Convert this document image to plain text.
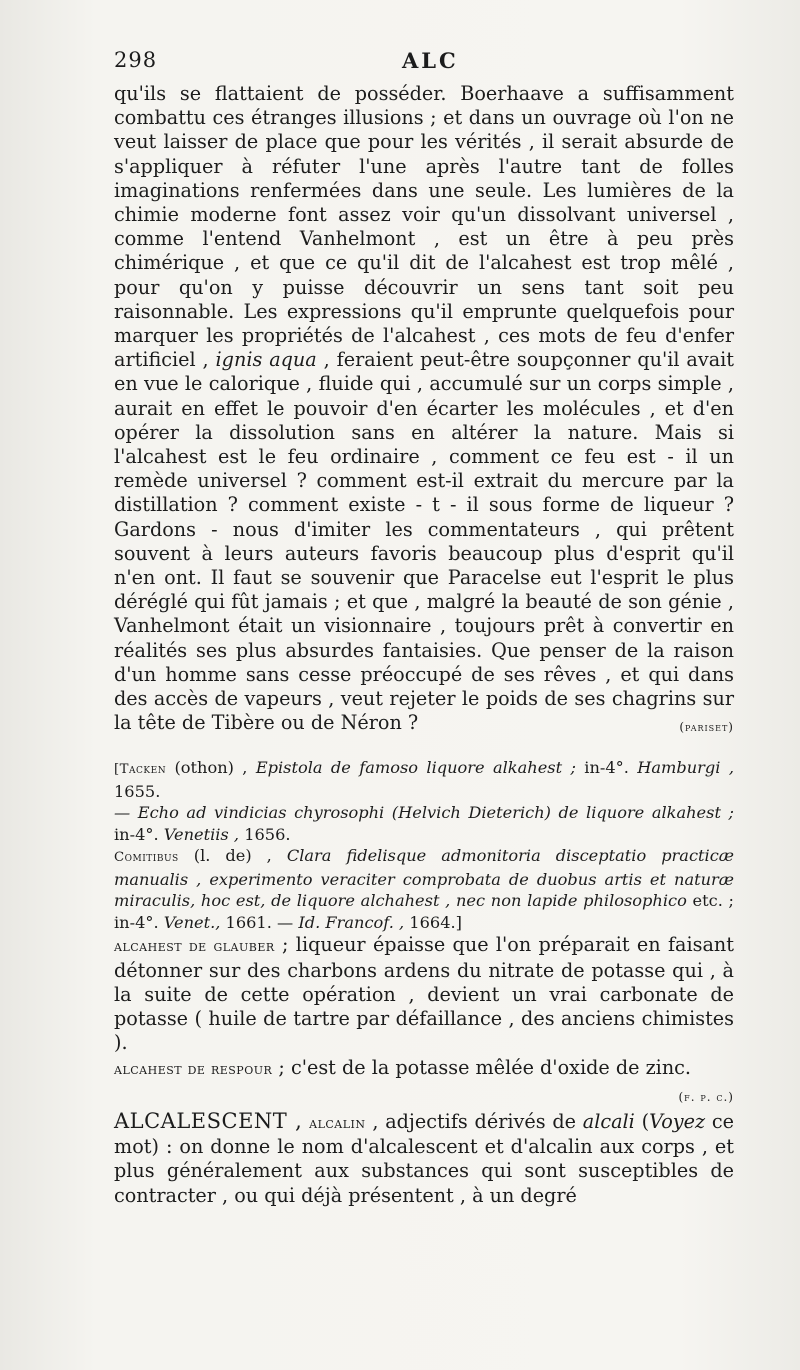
298	ALC

qu'ils se flattaient de posséder. Boerhaave a suffisamment combattu ces étranges illusions ; et dans un ouvrage où l'on ne veut laisser de place que pour les vérités , il serait absurde de s'appliquer à réfuter l'une après l'autre tant de folles imaginations renfermées dans une seule. Les lumières de la chimie moderne font assez voir qu'un dissolvant universel , comme l'entend Vanhelmont , est un être à peu près chimérique , et que ce qu'il dit de l'alcahest est trop mêlé , pour qu'on y puisse découvrir un sens tant soit peu raisonnable. Les expressions qu'il emprunte quelquefois pour marquer les propriétés de l'alcahest , ces mots de feu d'enfer artificiel , ignis aqua , feraient peut-être soupçonner qu'il avait en vue le calorique , fluide qui , accumulé sur un corps simple , aurait en effet le pouvoir d'en écarter les molécules , et d'en opérer la dissolution sans en altérer la nature. Mais si l'alcahest est le feu ordinaire , comment ce feu est - il un remède universel ? comment est-il extrait du mercure par la distillation ? comment existe - t - il sous forme de liqueur ? Gardons - nous d'imiter les commentateurs , qui prêtent souvent à leurs auteurs favoris beaucoup plus d'esprit qu'il n'en ont. Il faut se souvenir que Paracelse eut l'esprit le plus déréglé qui fût jamais ; et que , malgré la beauté de son génie , Vanhelmont était un visionnaire , toujours prêt à convertir en réalités ses plus absurdes fantaisies. Que penser de la raison d'un homme sans cesse préoccupé de ses rêves , et qui dans des accès de vapeurs , veut rejeter le poids de ses chagrins sur la tête de Tibère ou de Néron ?	(pariset)

[Tacken (othon) , Epistola de famoso liquore alkahest ; in-4°. Hamburgi , 1655.

— Echo ad vindicias chyrosophi (Helvich Dieterich) de liquore alkahest ; in-4°. Venetiis , 1656.

Comitibus (l. de) , Clara fidelisque admonitoria disceptatio practicæ manualis , experimento veraciter comprobata de duobus artis et naturæ miraculis, hoc est, de liquore alchahest , nec non lapide philosophico etc. ; in-4°. Venet., 1661. — Id. Francof. , 1664.]

alcahest de glauber ; liqueur épaisse que l'on préparait en faisant détonner sur des charbons ardens du nitrate de potasse qui , à la suite de cette opération , devient un vrai carbonate de potasse ( huile de tartre par défaillance , des anciens chimistes ).

alcahest de respour ; c'est de la potasse mêlée d'oxide de zinc.
(f. p. c.)

ALCALESCENT , alcalin , adjectifs dérivés de alcali (Voyez ce mot) : on donne le nom d'alcalescent et d'alcalin aux corps , et plus généralement aux substances qui sont susceptibles de contracter , ou qui déjà présentent , à un degré
